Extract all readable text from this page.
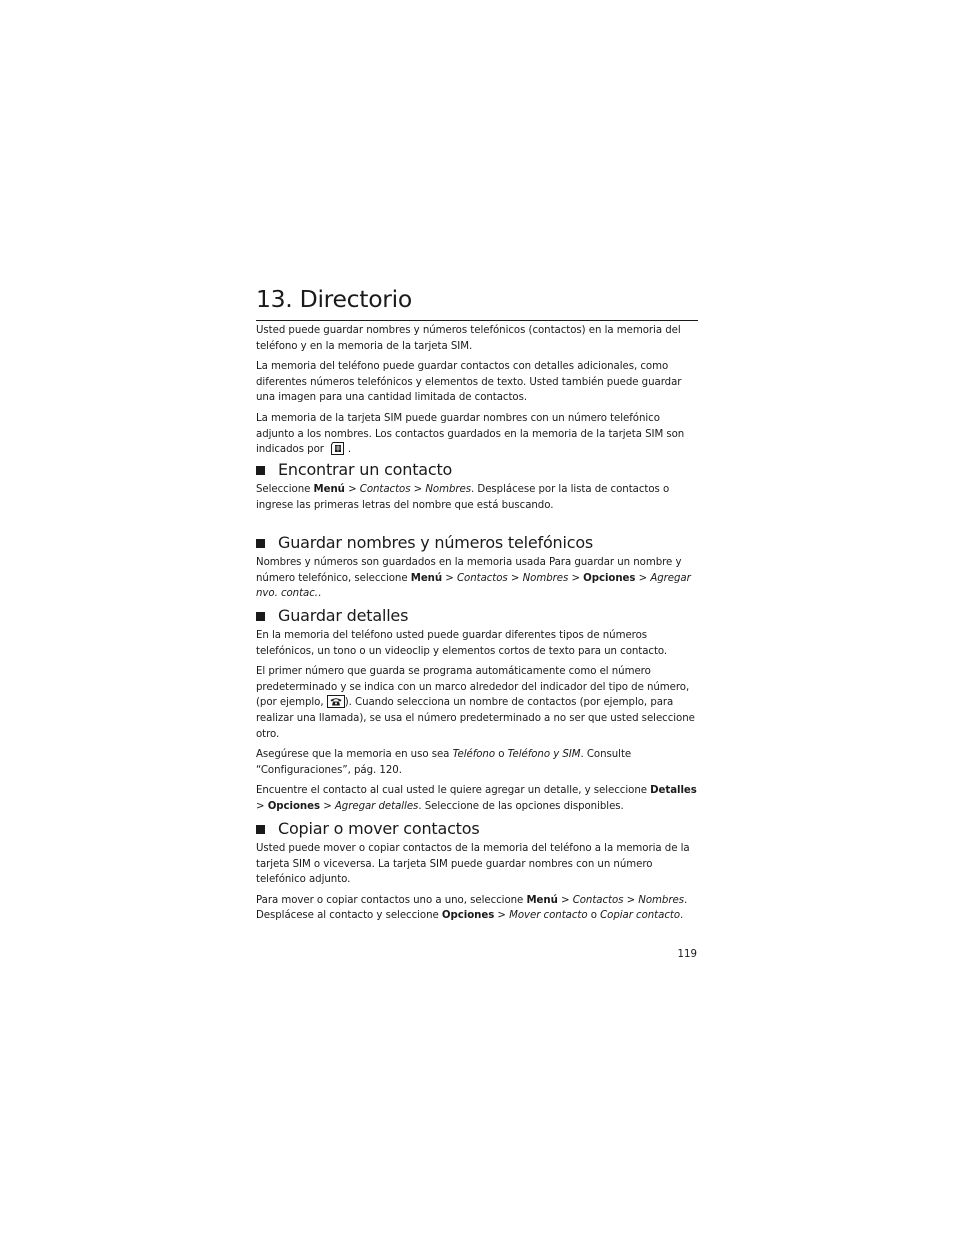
13. Directorio

Usted puede guardar nombres y números telefónicos (contactos) en la memoria del teléfono y en la memoria de la tarjeta SIM.

La memoria del teléfono puede guardar contactos con detalles adicionales, como diferentes números telefónicos y elementos de texto. Usted también puede guardar una imagen para una cantidad limitada de contactos.

La memoria de la tarjeta SIM puede guardar nombres con un número telefónico adjunto a los nombres. Los contactos guardados en la memoria de la tarjeta SIM son indicados por .

Encontrar un contacto

Seleccione Menú > Contactos > Nombres. Desplácese por la lista de contactos o ingrese las primeras letras del nombre que está buscando.

Guardar nombres y números telefónicos

Nombres y números son guardados en la memoria usada Para guardar un nombre y número telefónico, seleccione Menú > Contactos > Nombres > Opciones > Agregar nvo. contac..

Guardar detalles

En la memoria del teléfono usted puede guardar diferentes tipos de números telefónicos, un tono o un videoclip y elementos cortos de texto para un contacto.

El primer número que guarda se programa automáticamente como el número predeterminado y se indica con un marco alrededor del indicador del tipo de número, (por ejemplo, ). Cuando selecciona un nombre de contactos (por ejemplo, para realizar una llamada), se usa el número predeterminado a no ser que usted seleccione otro.

Asegúrese que la memoria en uso sea Teléfono o Teléfono y SIM. Consulte “Configuraciones”, pág. 120.

Encuentre el contacto al cual usted le quiere agregar un detalle, y seleccione Detalles > Opciones > Agregar detalles. Seleccione de las opciones disponibles.

Copiar o mover contactos

Usted puede mover o copiar contactos de la memoria del teléfono a la memoria de la tarjeta SIM o viceversa. La tarjeta SIM puede guardar nombres con un número telefónico adjunto.

Para mover o copiar contactos uno a uno, seleccione Menú > Contactos > Nombres. Desplácese al contacto y seleccione Opciones > Mover contacto o Copiar contacto.

119
